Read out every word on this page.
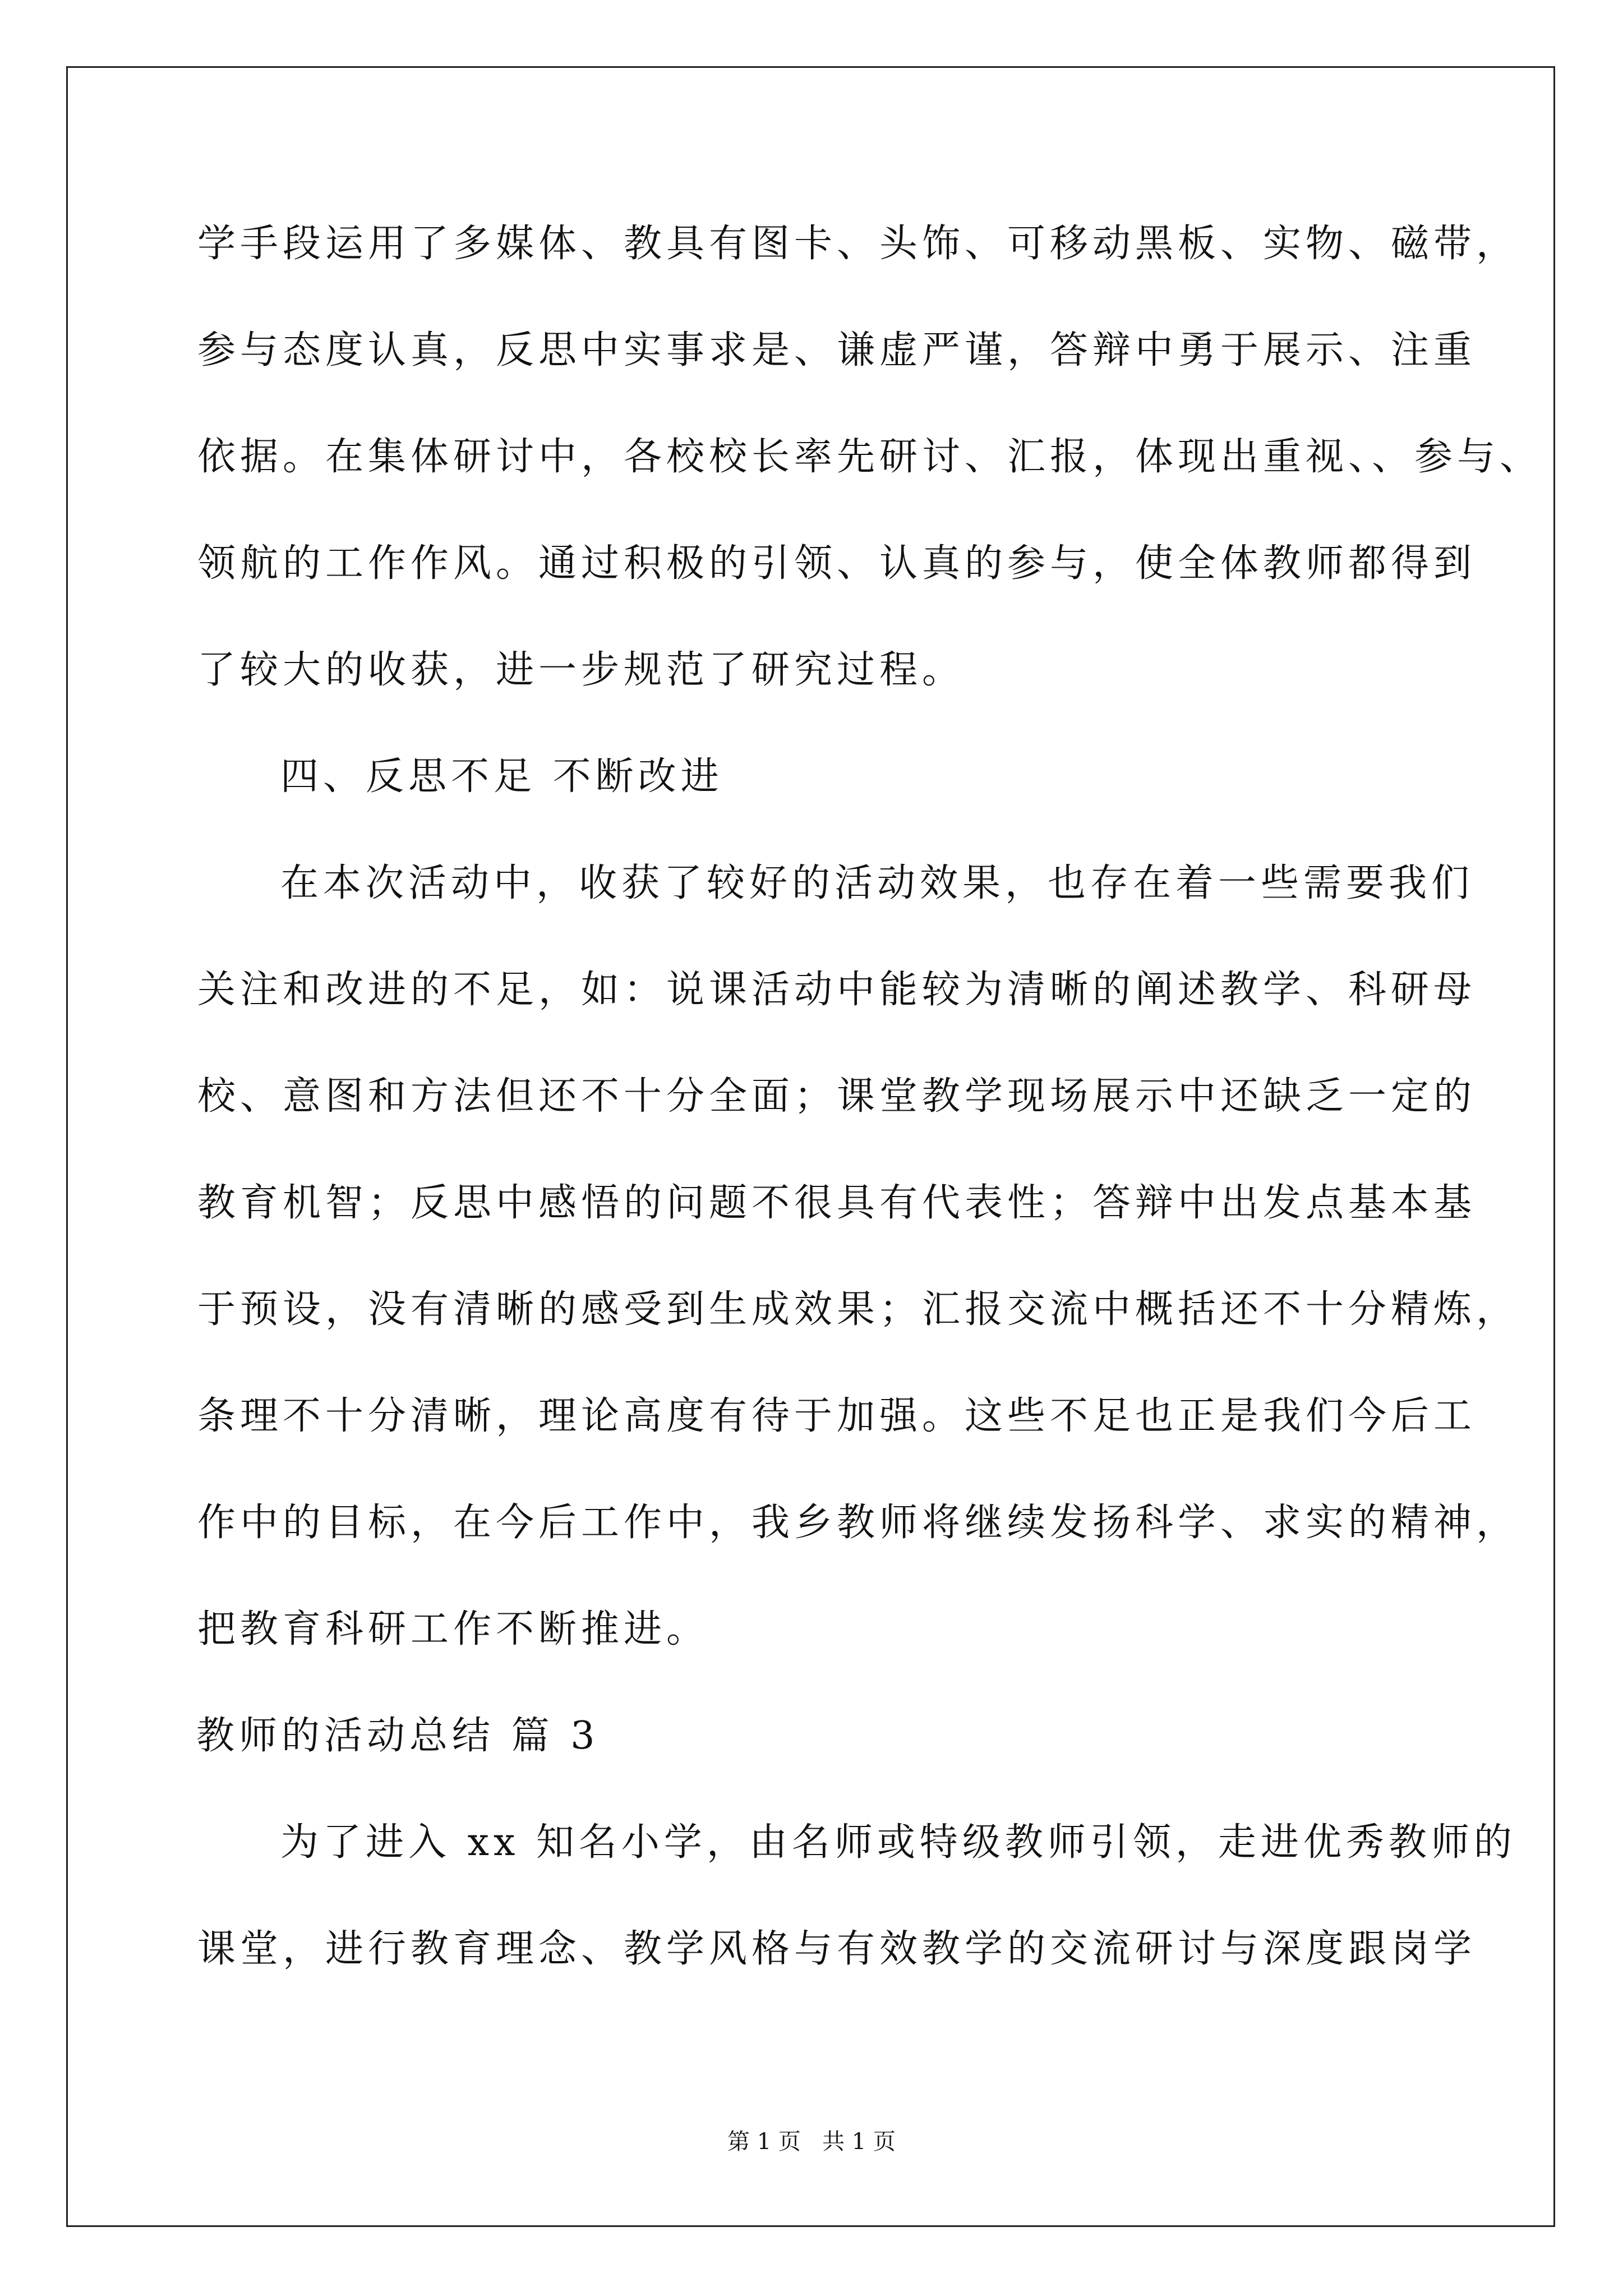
学手段运用了多媒体、教具有图卡、头饰、可移动黑板、实物、磁带，
参与态度认真，反思中实事求是、谦虚严谨，答辩中勇于展示、注重
依据。在集体研讨中，各校校长率先研讨、汇报，体现出重视、、参与、
领航的工作作风。通过积极的引领、认真的参与，使全体教师都得到
了较大的收获，进一步规范了研究过程。
四、反思不足 不断改进
在本次活动中，收获了较好的活动效果，也存在着一些需要我们
关注和改进的不足，如：说课活动中能较为清晰的阐述教学、科研母
校、意图和方法但还不十分全面；课堂教学现场展示中还缺乏一定的
教育机智；反思中感悟的问题不很具有代表性；答辩中出发点基本基
于预设，没有清晰的感受到生成效果；汇报交流中概括还不十分精炼，
条理不十分清晰，理论高度有待于加强。这些不足也正是我们今后工
作中的目标，在今后工作中，我乡教师将继续发扬科学、求实的精神，
把教育科研工作不断推进。
教师的活动总结 篇 3
为了进入 xx 知名小学，由名师或特级教师引领，走进优秀教师的
课堂，进行教育理念、教学风格与有效教学的交流研讨与深度跟岗学
第 1 页   共 1 页
